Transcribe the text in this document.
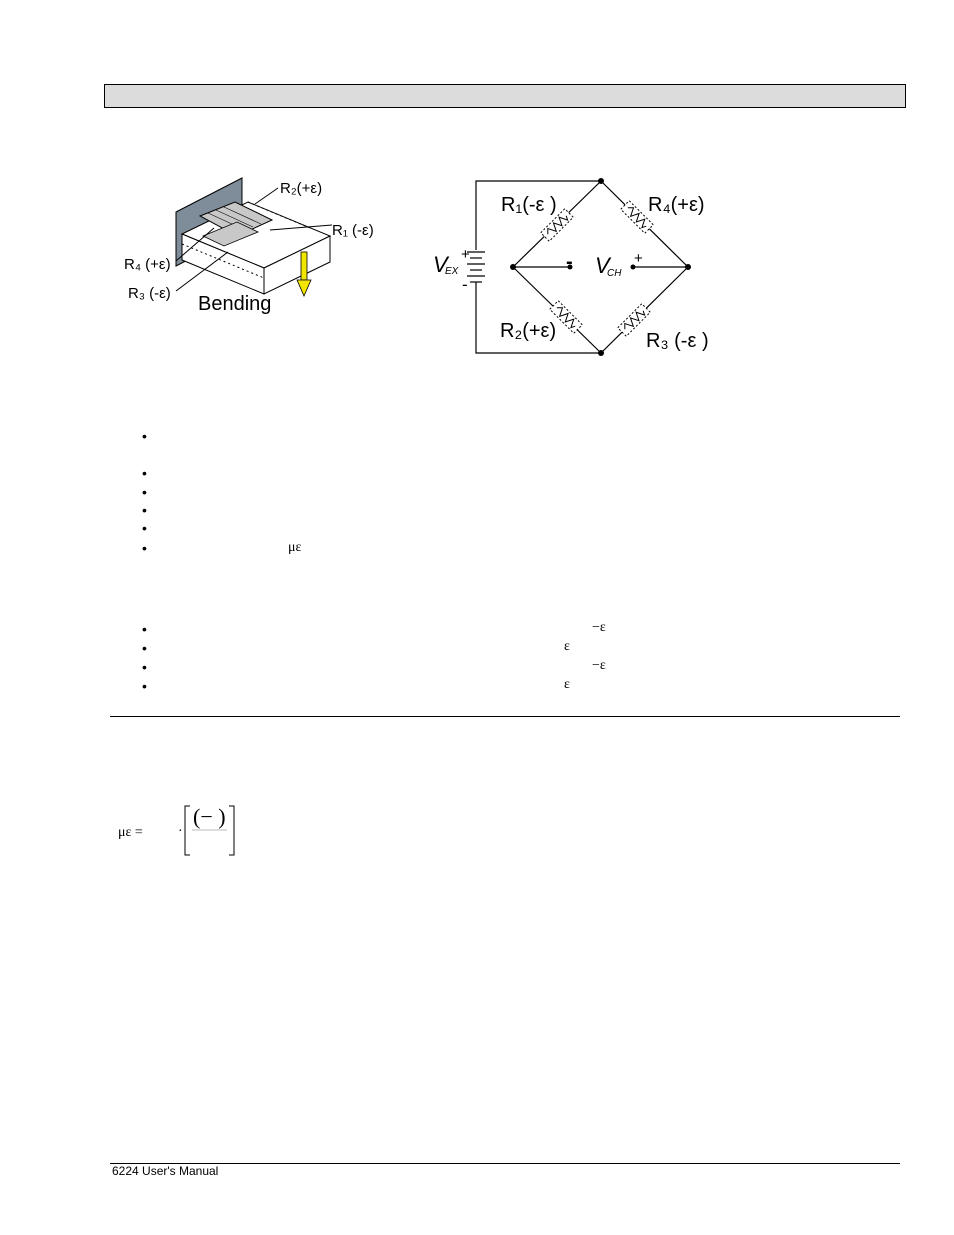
R₂(+ε)
R₁ (-ε)
R₄ (+ε)
R₃ (-ε) Bending
R₁(-ε )	R₄(+ε)
R₂(+ε)	R₃ (-ε )
V
EX
+
-
- V
CH
+
•
•
•
•
•
•	με
•
•
•
•
−ε
ε
−ε
ε
με =	·
(− )
6224 User's Manual
